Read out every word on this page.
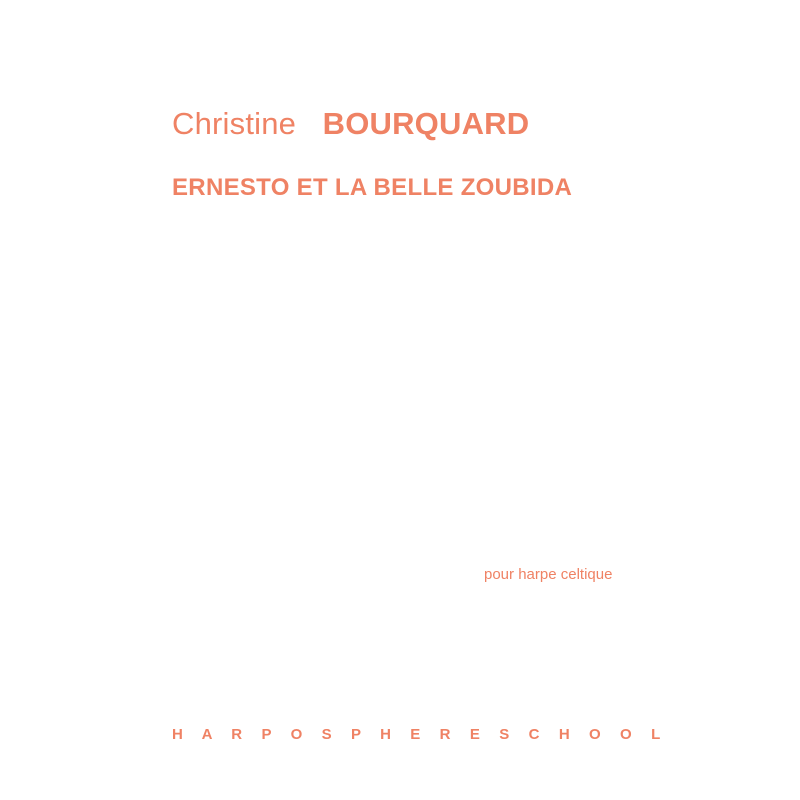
Christine BOURQUARD
ERNESTO ET LA BELLE ZOUBIDA
pour harpe celtique
H A R P O S P H E R E S C H O O L
